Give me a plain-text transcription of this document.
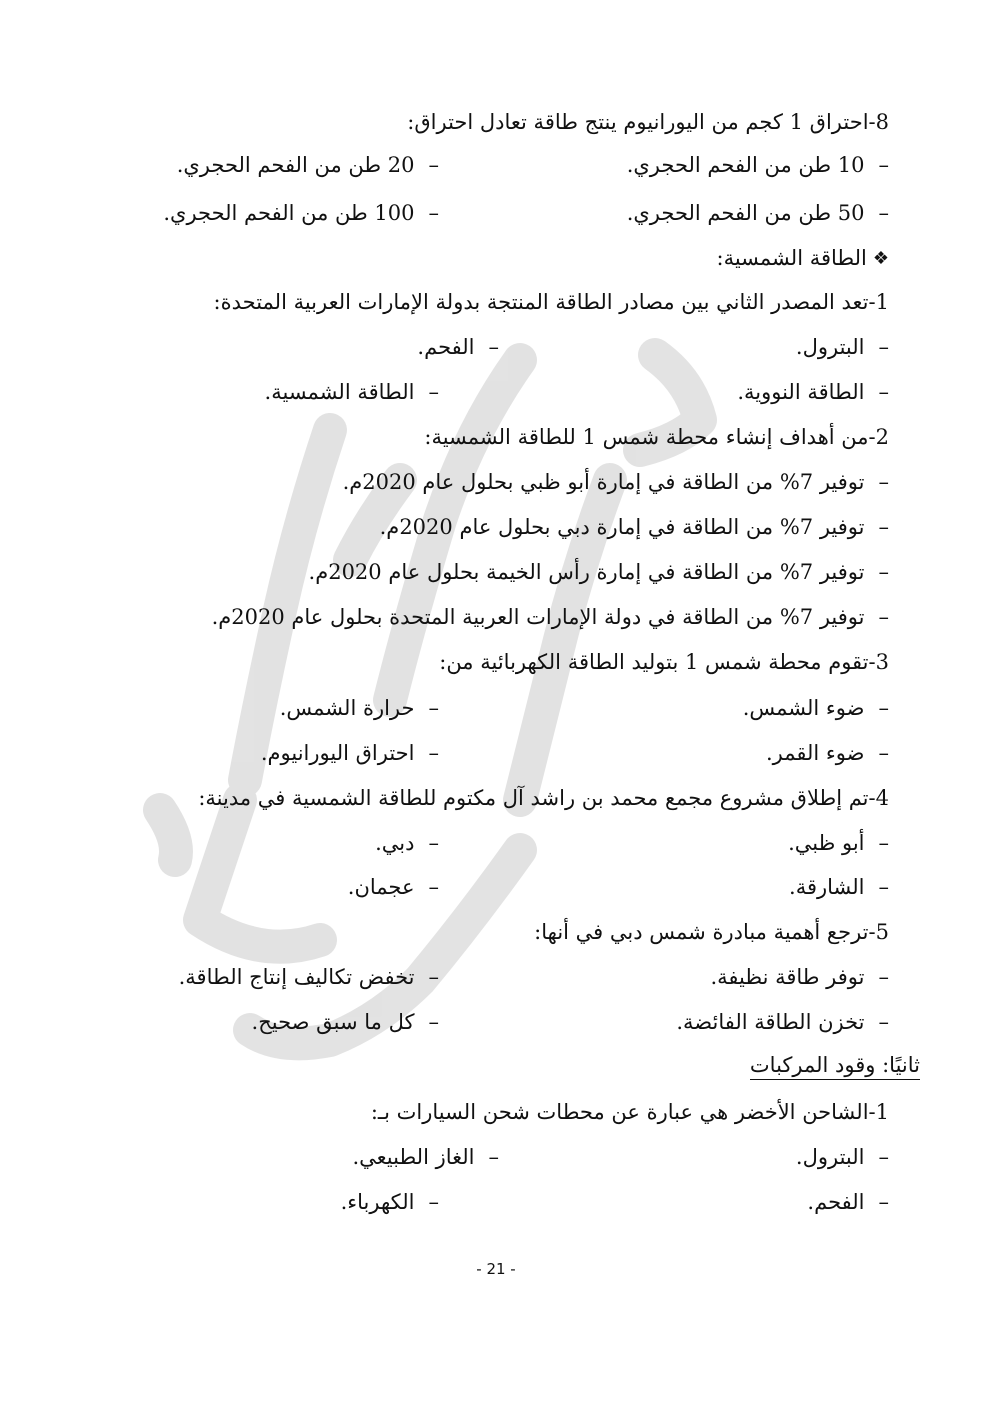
8-احتراق 1 كجم من اليورانيوم ينتج طاقة تعادل احتراق:
–
10 طن من الفحم الحجري.
–
20 طن من الفحم الحجري.
–
50 طن من الفحم الحجري.
–
100 طن من الفحم الحجري.
❖
الطاقة الشمسية:
1-تعد المصدر الثاني بين مصادر الطاقة المنتجة بدولة الإمارات العربية المتحدة:
–
البترول.
–
الفحم.
–
الطاقة النووية.
–
الطاقة الشمسية.
2-من أهداف إنشاء محطة شمس 1 للطاقة الشمسية:
–
توفير 7% من الطاقة في إمارة أبو ظبي بحلول عام 2020م.
–
توفير 7% من الطاقة في إمارة دبي بحلول عام 2020م.
–
توفير 7% من الطاقة في إمارة رأس الخيمة بحلول عام 2020م.
–
توفير 7% من الطاقة في دولة الإمارات العربية المتحدة بحلول عام 2020م.
3-تقوم محطة شمس 1 بتوليد الطاقة الكهربائية من:
–
ضوء الشمس.
–
حرارة الشمس.
–
ضوء القمر.
–
احتراق اليورانيوم.
4-تم إطلاق مشروع مجمع محمد بن راشد آل مكتوم للطاقة الشمسية في مدينة:
–
أبو ظبي.
–
دبي.
–
الشارقة.
–
عجمان.
5-ترجع أهمية مبادرة شمس دبي في أنها:
–
توفر طاقة نظيفة.
–
تخفض تكاليف إنتاج الطاقة.
–
تخزن الطاقة الفائضة.
–
كل ما سبق صحيح.
ثانيًا: وقود المركبات
1-الشاحن الأخضر هي عبارة عن محطات شحن السيارات بـ:
–
البترول.
–
الغاز الطبيعي.
–
الفحم.
–
الكهرباء.
- 21 -
